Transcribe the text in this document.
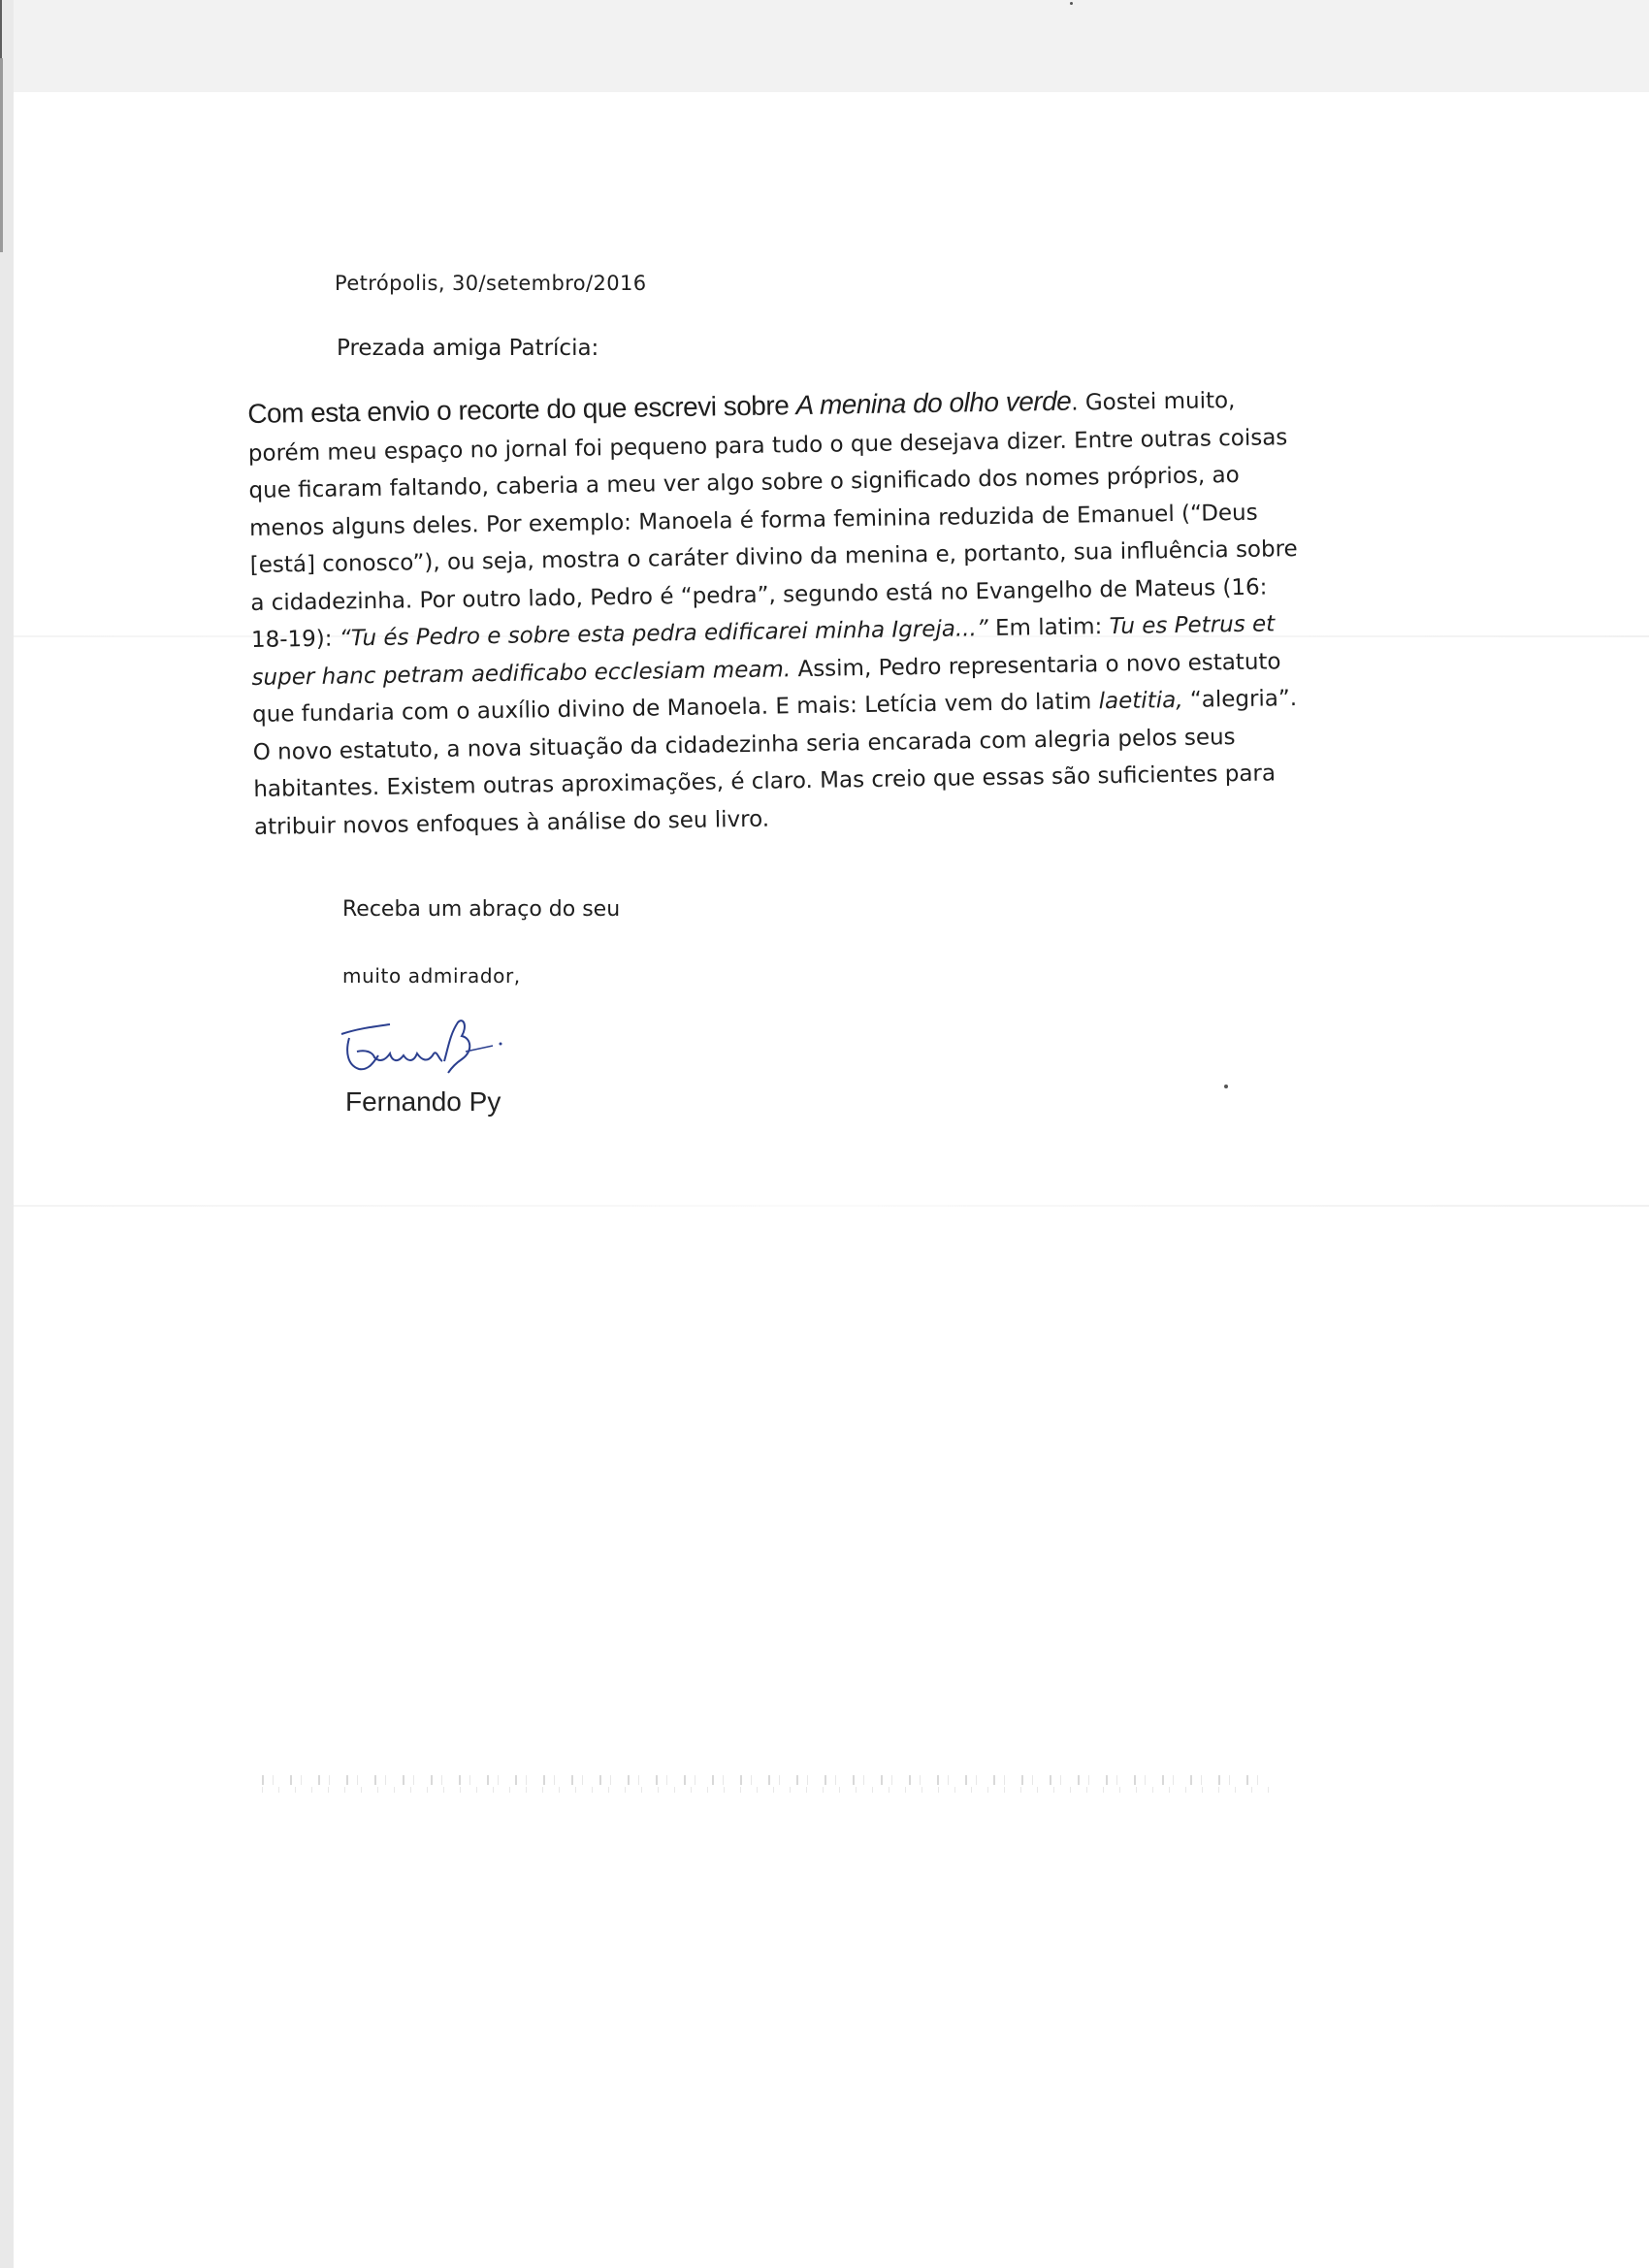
Petrópolis, 30/setembro/2016
Prezada amiga Patrícia:
Com esta envio o recorte do que escrevi sobre A menina do olho verde. Gostei muito, porém meu espaço no jornal foi pequeno para tudo o que desejava dizer. Entre outras coisas que ficaram faltando, caberia a meu ver algo sobre o significado dos nomes próprios, ao menos alguns deles. Por exemplo: Manoela é forma feminina reduzida de Emanuel (“Deus [está] conosco”), ou seja, mostra o caráter divino da menina e, portanto, sua influência sobre a cidadezinha. Por outro lado, Pedro é “pedra”, segundo está no Evangelho de Mateus (16: 18-19): “Tu és Pedro e sobre esta pedra edificarei minha Igreja...” Em latim: Tu es Petrus et super hanc petram aedificabo ecclesiam meam. Assim, Pedro representaria o novo estatuto que fundaria com o auxílio divino de Manoela. E mais: Letícia vem do latim laetitia, “alegria”. O novo estatuto, a nova situação da cidadezinha seria encarada com alegria pelos seus habitantes. Existem outras aproximações, é claro. Mas creio que essas são suficientes para atribuir novos enfoques à análise do seu livro.
Receba um abraço do seu
muito admirador,
Fernando Py
